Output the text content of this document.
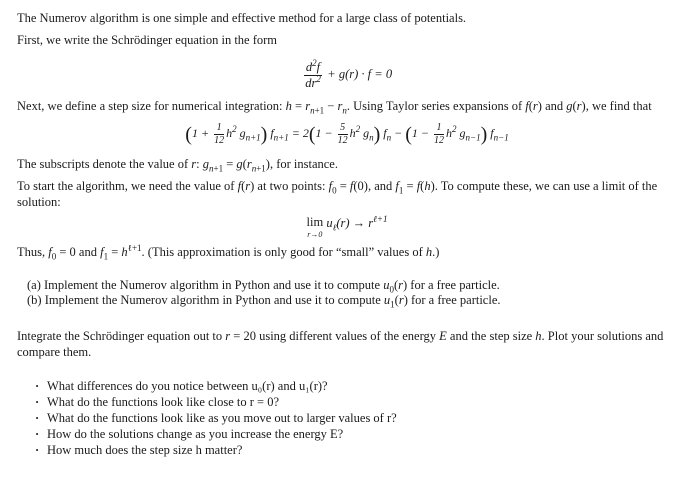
The Numerov algorithm is one simple and effective method for a large class of potentials.

First, we write the Schrödinger equation in the form

$\frac{d^2f}{dr^2} + g(r) \cdot f = 0$

Next, we define a step size for numerical integration: $h = r_{n+1} - r_n$. Using Taylor series expansions of f(r) and g(r), we find that

($1 + \frac{1}{12} h^2$ $g_{n+1}$) $f_{n+1} = 2(1 - \frac{5}{12} h^2$ $g_n$) $f_n - (1 - \frac{1}{12} h^2$ $g_{n-1}$) $f_{n-1}$

The subscripts denote the value of r: $g_{n+1} = g(r_{n+1})$, for instance.

To start the algorithm, we need the value of f(r) at two points: $f_0 = f(0)$, and $f_1 = f(h)$. To compute these, we can use a limit of the solution:

lim
r→0
$u_\ell(r) \to r^{\ell+1}$

Thus, $f_0 = 0$ and $f_1 = h^{\ell+1}$. (This approximation is only good for “small” values of h.)

(a) Implement the Numerov algorithm in Python and use it to compute $u_0(r)$ for a free particle.
(b) Implement the Numerov algorithm in Python and use it to compute $u_1(r)$ for a free particle.

Integrate the Schrödinger equation out to r = 20 using different values of the energy E and the step size h. Plot your solutions and compare them.

· What differences do you notice between u₀(r) and u₁(r)?
· What do the functions look like close to r = 0?
· What do the functions look like as you move out to larger values of r?
· How do the solutions change as you increase the energy E?
· How much does the step size h matter?
